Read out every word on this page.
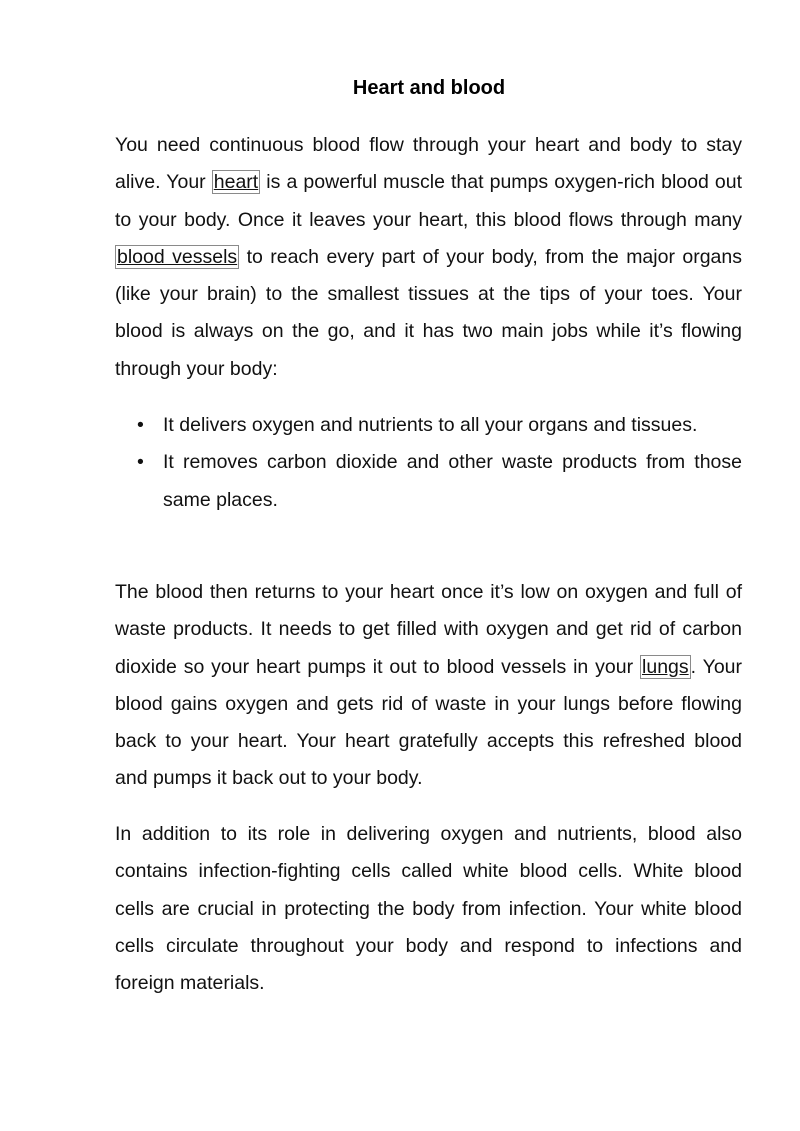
Heart and blood

You need continuous blood flow through your heart and body to stay alive. Your heart is a powerful muscle that pumps oxygen-rich blood out to your body. Once it leaves your heart, this blood flows through many blood vessels to reach every part of your body, from the major organs (like your brain) to the smallest tissues at the tips of your toes. Your blood is always on the go, and it has two main jobs while it’s flowing through your body:

• It delivers oxygen and nutrients to all your organs and tissues.
• It removes carbon dioxide and other waste products from those same places.

The blood then returns to your heart once it’s low on oxygen and full of waste products. It needs to get filled with oxygen and get rid of carbon dioxide so your heart pumps it out to blood vessels in your lungs . Your blood gains oxygen and gets rid of waste in your lungs before flowing back to your heart. Your heart gratefully accepts this refreshed blood and pumps it back out to your body.

In addition to its role in delivering oxygen and nutrients, blood also contains infection-fighting cells called white blood cells. White blood cells are crucial in protecting the body from infection. Your white blood cells circulate throughout your body and respond to infections and foreign materials.
